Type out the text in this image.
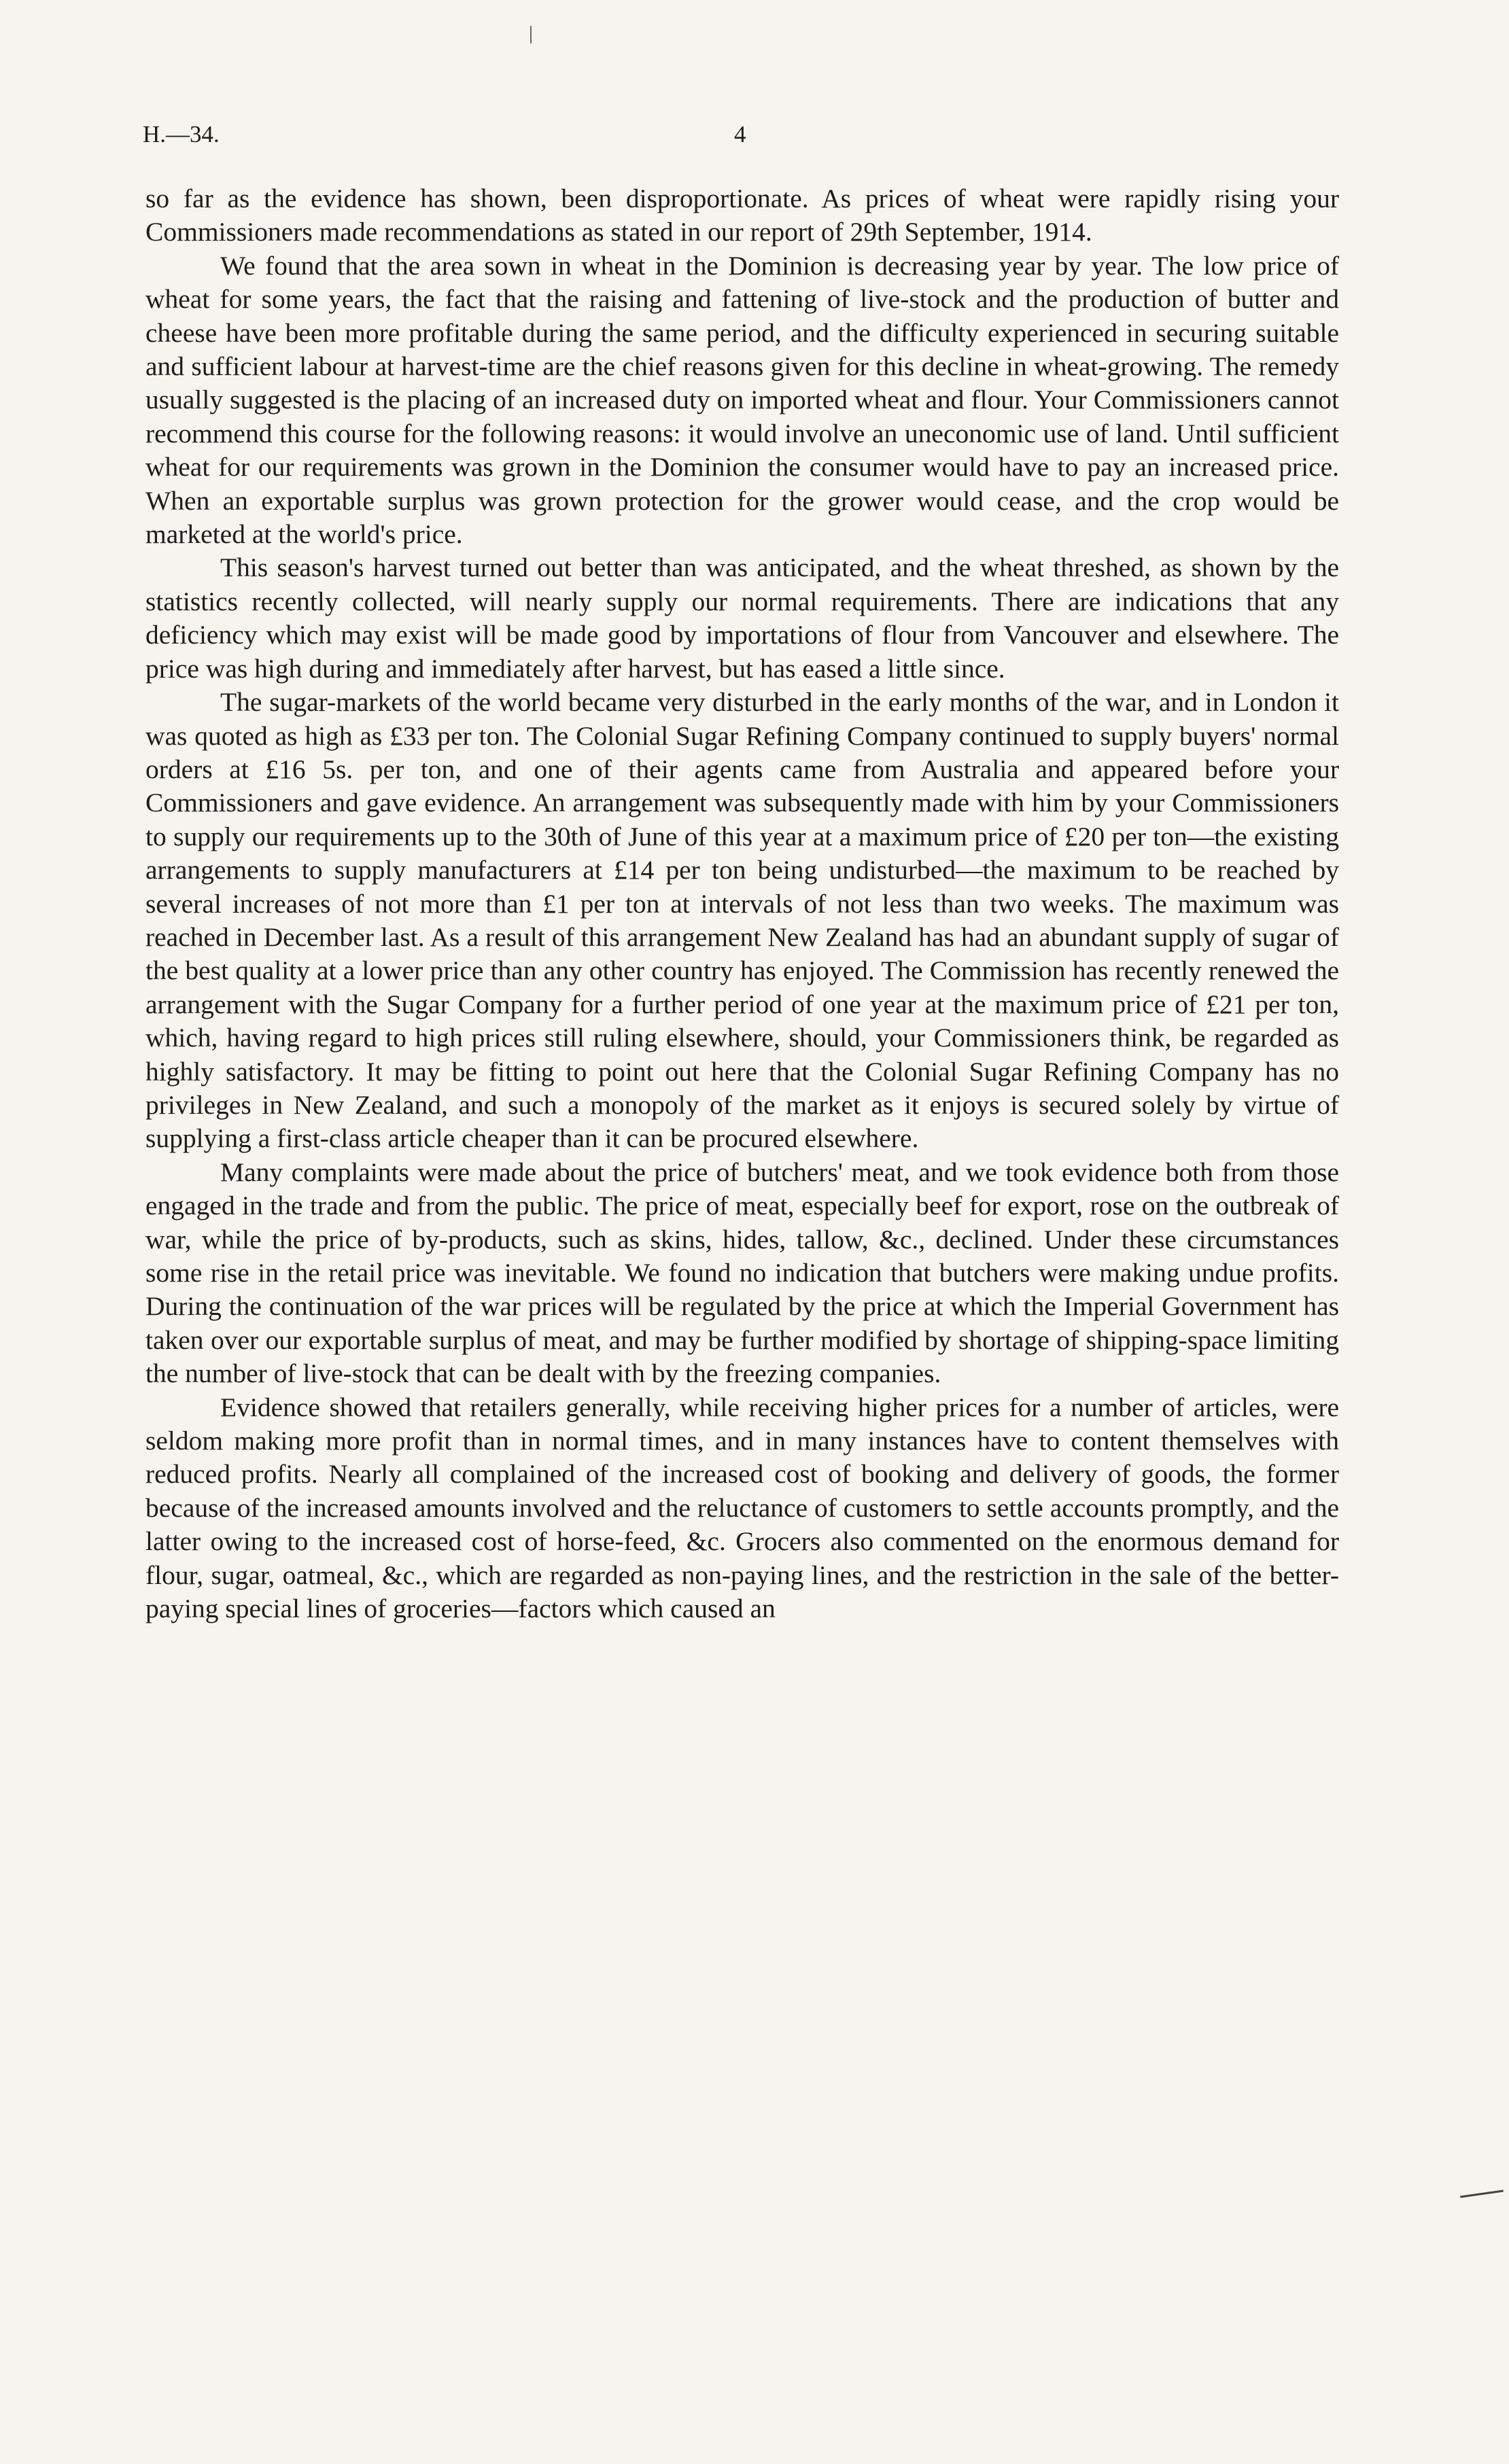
H.—34.	4

so far as the evidence has shown, been disproportionate. As prices of wheat were rapidly rising your Commissioners made recommendations as stated in our report of 29th September, 1914.

We found that the area sown in wheat in the Dominion is decreasing year by year. The low price of wheat for some years, the fact that the raising and fattening of live-stock and the production of butter and cheese have been more profitable during the same period, and the difficulty experienced in securing suitable and sufficient labour at harvest-time are the chief reasons given for this decline in wheat-growing. The remedy usually suggested is the placing of an increased duty on imported wheat and flour. Your Commissioners cannot recommend this course for the following reasons: it would involve an uneconomic use of land. Until sufficient wheat for our requirements was grown in the Dominion the consumer would have to pay an increased price. When an exportable surplus was grown protection for the grower would cease, and the crop would be marketed at the world's price.

This season's harvest turned out better than was anticipated, and the wheat threshed, as shown by the statistics recently collected, will nearly supply our normal requirements. There are indications that any deficiency which may exist will be made good by importations of flour from Vancouver and elsewhere. The price was high during and immediately after harvest, but has eased a little since.

The sugar-markets of the world became very disturbed in the early months of the war, and in London it was quoted as high as £33 per ton. The Colonial Sugar Refining Company continued to supply buyers' normal orders at £16 5s. per ton, and one of their agents came from Australia and appeared before your Commissioners and gave evidence. An arrangement was subsequently made with him by your Commissioners to supply our requirements up to the 30th of June of this year at a maximum price of £20 per ton—the existing arrangements to supply manufacturers at £14 per ton being undisturbed—the maximum to be reached by several increases of not more than £1 per ton at intervals of not less than two weeks. The maximum was reached in December last. As a result of this arrangement New Zealand has had an abundant supply of sugar of the best quality at a lower price than any other country has enjoyed. The Commission has recently renewed the arrangement with the Sugar Company for a further period of one year at the maximum price of £21 per ton, which, having regard to high prices still ruling elsewhere, should, your Commissioners think, be regarded as highly satisfactory. It may be fitting to point out here that the Colonial Sugar Refining Company has no privileges in New Zealand, and such a monopoly of the market as it enjoys is secured solely by virtue of supplying a first-class article cheaper than it can be procured elsewhere.

Many complaints were made about the price of butchers' meat, and we took evidence both from those engaged in the trade and from the public. The price of meat, especially beef for export, rose on the outbreak of war, while the price of by-products, such as skins, hides, tallow, &c., declined. Under these circumstances some rise in the retail price was inevitable. We found no indication that butchers were making undue profits. During the continuation of the war prices will be regulated by the price at which the Imperial Government has taken over our exportable surplus of meat, and may be further modified by shortage of shipping-space limiting the number of live-stock that can be dealt with by the freezing companies.

Evidence showed that retailers generally, while receiving higher prices for a number of articles, were seldom making more profit than in normal times, and in many instances have to content themselves with reduced profits. Nearly all complained of the increased cost of booking and delivery of goods, the former because of the increased amounts involved and the reluctance of customers to settle accounts promptly, and the latter owing to the increased cost of horse-feed, &c. Grocers also commented on the enormous demand for flour, sugar, oatmeal, &c., which are regarded as non-paying lines, and the restriction in the sale of the better-paying special lines of groceries—factors which caused an
